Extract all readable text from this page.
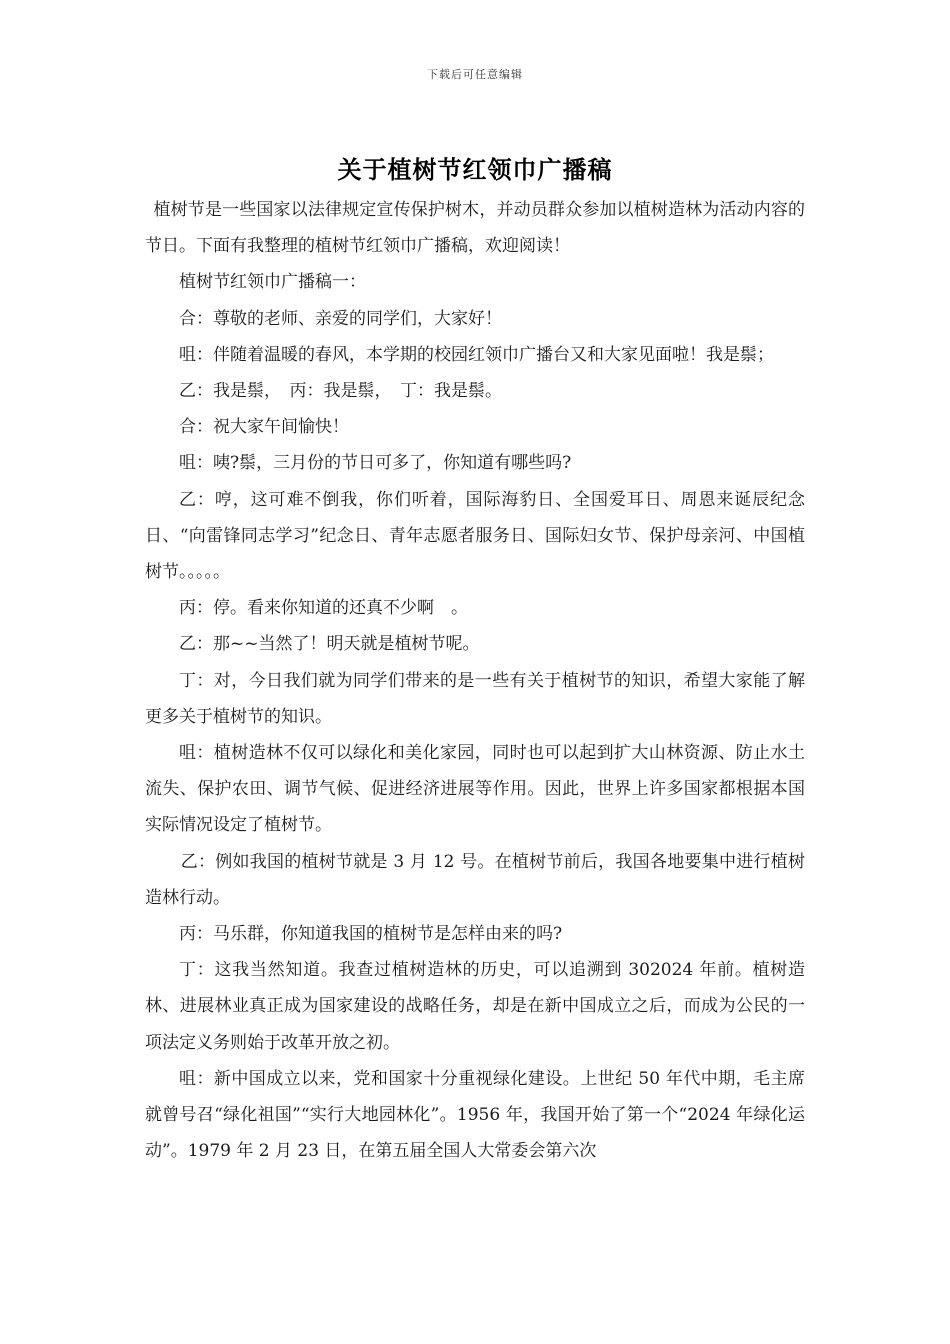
下载后可任意编辑
关于植树节红领巾广播稿

植树节是一些国家以法律规定宣传保护树木，并动员群众参加以植树造林为活动内容的节日。下面有我整理的植树节红领巾广播稿，欢迎阅读！

植树节红领巾广播稿一：

合：尊敬的老师、亲爱的同学们，大家好！

咀：伴随着温暖的春风，本学期的校园红领巾广播台又和大家见面啦！我是鬃；

乙：我是鬃，　丙：我是鬃，　丁：我是鬃。

合：祝大家午间愉快！

咀：咦?鬃，三月份的节日可多了，你知道有哪些吗?

乙：哼，这可难不倒我，你们听着，国际海豹日、全国爱耳日、周恩来诞辰纪念日、“向雷锋同志学习”纪念日、青年志愿者服务日、国际妇女节、保护母亲河、中国植树节。。。。。

丙：停。看来你知道的还真不少啊　。

乙：那~~当然了！明天就是植树节呢。

丁：对，今日我们就为同学们带来的是一些有关于植树节的知识，希望大家能了解更多关于植树节的知识。

咀：植树造林不仅可以绿化和美化家园，同时也可以起到扩大山林资源、防止水土流失、保护农田、调节气候、促进经济进展等作用。因此，世界上许多国家都根据本国实际情况设定了植树节。

乙：例如我国的植树节就是 3 月 12 号。在植树节前后，我国各地要集中进行植树造林行动。

丙：马乐群，你知道我国的植树节是怎样由来的吗?

丁：这我当然知道。我查过植树造林的历史，可以追溯到 302024 年前。植树造林、进展林业真正成为国家建设的战略任务，却是在新中国成立之后，而成为公民的一项法定义务则始于改革开放之初。

咀：新中国成立以来，党和国家十分重视绿化建设。上世纪 50 年代中期，毛主席就曾号召“绿化祖国”“实行大地园林化”。1956 年，我国开始了第一个“2024 年绿化运动”。1979 年 2 月 23 日，在第五届全国人大常委会第六次
